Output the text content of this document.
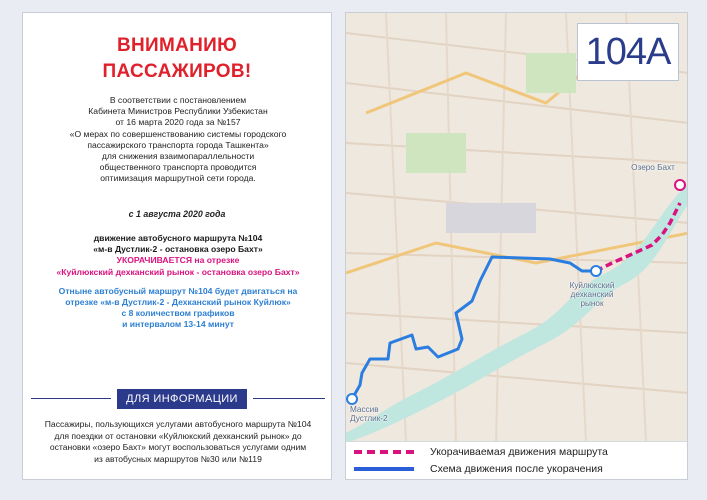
ВНИМАНИЮ
ПАССАЖИРОВ!
В соответствии с постановлением
Кабинета Министров Республики Узбекистан
от 16 марта 2020 года за №157
«О мерах по совершенствованию системы городского
пассажирского транспорта города Ташкента»
для снижения взаимопараллельности
общественного транспорта проводится
оптимизация маршрутной сети города.
с 1 августа 2020 года
движение автобусного маршрута №104
«м-в Дустлик-2 - остановка озеро Бахт»
УКОРАЧИВАЕТСЯ на отрезке
«Куйлюкский дехканский рынок - остановка озеро Бахт»
Отныне автобусный маршрут №104 будет двигаться на
отрезке «м-в Дустлик-2 - Дехканский рынок Куйлюк»
с 8 количеством графиков
и интервалом 13-14 минут
ДЛЯ ИНФОРМАЦИИ
Пассажиры, пользующихся услугами автобусного маршрута №104
для поездки от остановки «Куйлюкский дехканский рынок» до
остановки «озеро Бахт» могут воспользоваться услугами одним
из автобусных маршрутов №30 или №119
104А
Озеро Бахт
Куйлюкский дехканский рынок
Массив Дустлик-2
Укорачиваемая движения маршрута
Схема движения после укорачения
